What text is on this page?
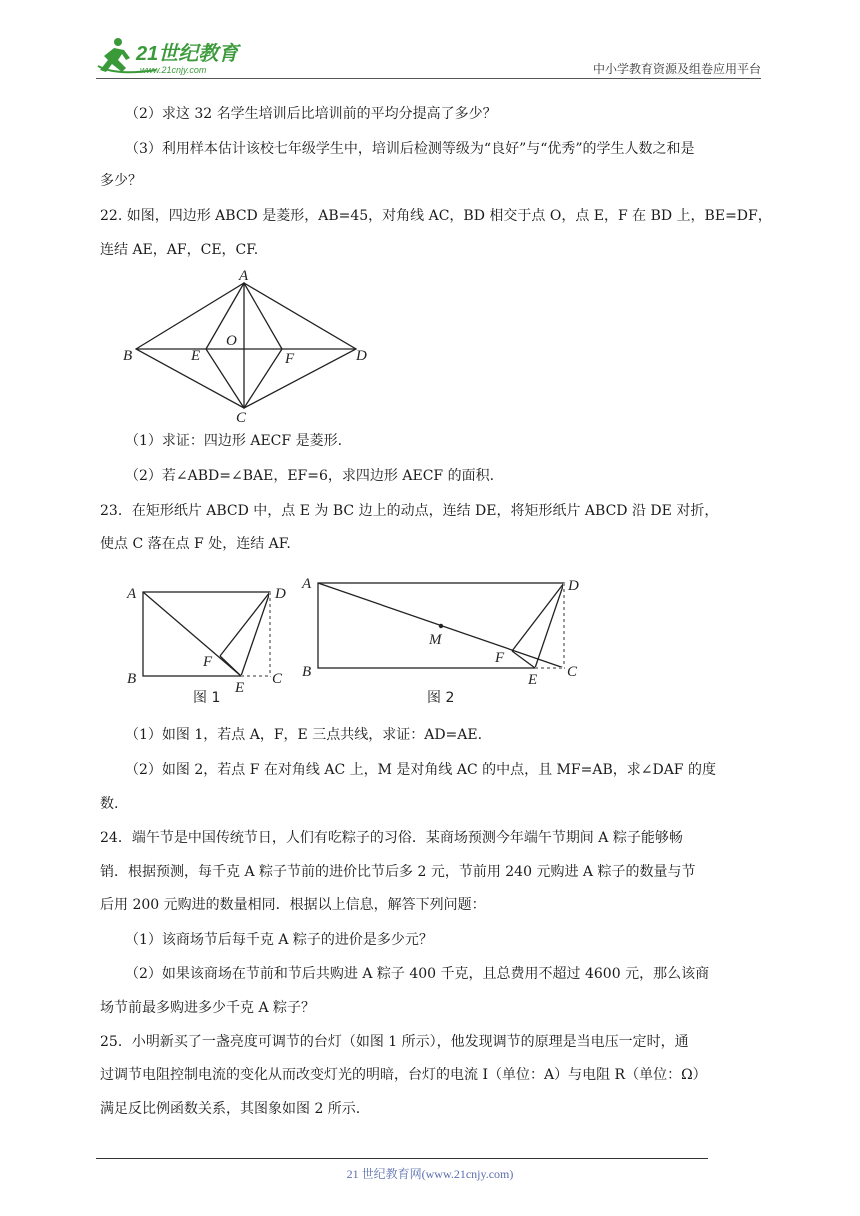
21世纪教育
www.21cnjy.com	中小学教育资源及组卷应用平台
（2）求这 32 名学生培训后比培训前的平均分提高了多少？
（3）利用样本估计该校七年级学生中，培训后检测等级为“良好”与“优秀”的学生人数之和是
多少？
22. 如图，四边形 ABCD 是菱形，AB=45，对角线 AC，BD 相交于点 O，点 E，F 在 BD 上，BE=DF，
连结 AE，AF，CE，CF.
A
B
C
D
O
E	F
（1）求证：四边形 AECF 是菱形.
（2）若∠ABD=∠BAE，EF=6，求四边形 AECF 的面积.
23．在矩形纸片 ABCD 中，点 E 为 BC 边上的动点，连结 DE，将矩形纸片 ABCD 沿 DE 对折，
使点 C 落在点 F 处，连结 AF.
A
B	C
D
E
F
图 1
A
B	C
D
E
F
M
图 2
（1）如图 1，若点 A，F，E 三点共线，求证：AD=AE.
（2）如图 2，若点 F 在对角线 AC 上，M 是对角线 AC 的中点，且 MF=AB，求∠DAF 的度
数.
24．端午节是中国传统节日，人们有吃粽子的习俗．某商场预测今年端午节期间 A 粽子能够畅
销．根据预测，每千克 A 粽子节前的进价比节后多 2 元，节前用 240 元购进 A 粽子的数量与节
后用 200 元购进的数量相同．根据以上信息，解答下列问题：
（1）该商场节后每千克 A 粽子的进价是多少元？
（2）如果该商场在节前和节后共购进 A 粽子 400 千克，且总费用不超过 4600 元，那么该商
场节前最多购进多少千克 A 粽子？
25．小明新买了一盏亮度可调节的台灯（如图 1 所示），他发现调节的原理是当电压一定时，通
过调节电阻控制电流的变化从而改变灯光的明暗，台灯的电流 I（单位：A）与电阻 R（单位：Ω）
满足反比例函数关系，其图象如图 2 所示.
21 世纪教育网(www.21cnjy.com)
